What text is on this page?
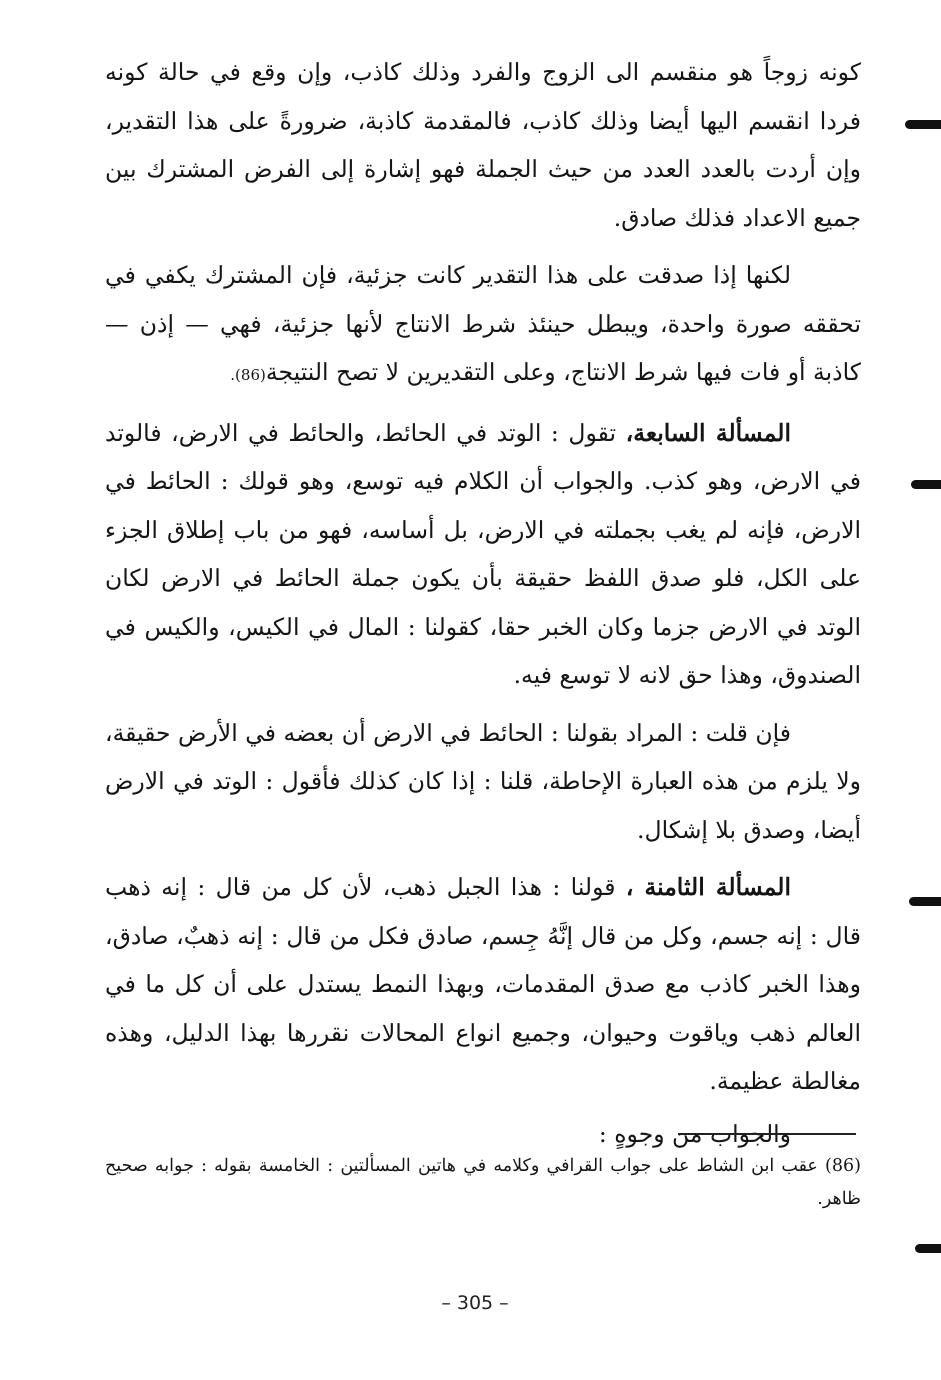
كونه زوجاً هو منقسم الى الزوج والفرد وذلك كاذب، وإن وقع في حالة كونه فردا انقسم اليها أيضا وذلك كاذب، فالمقدمة كاذبة، ضرورةً على هذا التقدير، وإن أردت بالعدد العدد من حيث الجملة فهو إشارة إلى الفرض المشترك بين جميع الاعداد فذلك صادق.

لكنها إذا صدقت على هذا التقدير كانت جزئية، فإن المشترك يكفي في تحققه صورة واحدة، ويبطل حينئذ شرط الانتاج لأنها جزئية، فهي — إذن — كاذبة أو فات فيها شرط الانتاج، وعلى التقديرين لا تصح النتيجة(86).

المسألة السابعة، تقول : الوتد في الحائط، والحائط في الارض، فالوتد في الارض، وهو كذب. والجواب أن الكلام فيه توسع، وهو قولك : الحائط في الارض، فإنه لم يغب بجملته في الارض، بل أساسه، فهو من باب إطلاق الجزء على الكل، فلو صدق اللفظ حقيقة بأن يكون جملة الحائط في الارض لكان الوتد في الارض جزما وكان الخبر حقا، كقولنا : المال في الكيس، والكيس في الصندوق، وهذا حق لانه لا توسع فيه.

فإن قلت : المراد بقولنا : الحائط في الارض أن بعضه في الأرض حقيقة، ولا يلزم من هذه العبارة الإحاطة، قلنا : إذا كان كذلك فأقول : الوتد في الارض أيضا، وصدق بلا إشكال.

المسألة الثامنة ، قولنا : هذا الجبل ذهب، لأن كل من قال : إنه ذهب قال : إنه جسم، وكل من قال إنَّهُ جِسم، صادق فكل من قال : إنه ذهبٌ، صادق، وهذا الخبر كاذب مع صدق المقدمات، وبهذا النمط يستدل على أن كل ما في العالم ذهب وياقوت وحيوان، وجميع انواع المحالات نقررها بهذا الدليل، وهذه مغالطة عظيمة.

والجواب من وجوهٍ :

(86) عقب ابن الشاط على جواب القرافي وكلامه في هاتين المسألتين : الخامسة بقوله : جوابه صحيح ظاهر.

– 305 –
